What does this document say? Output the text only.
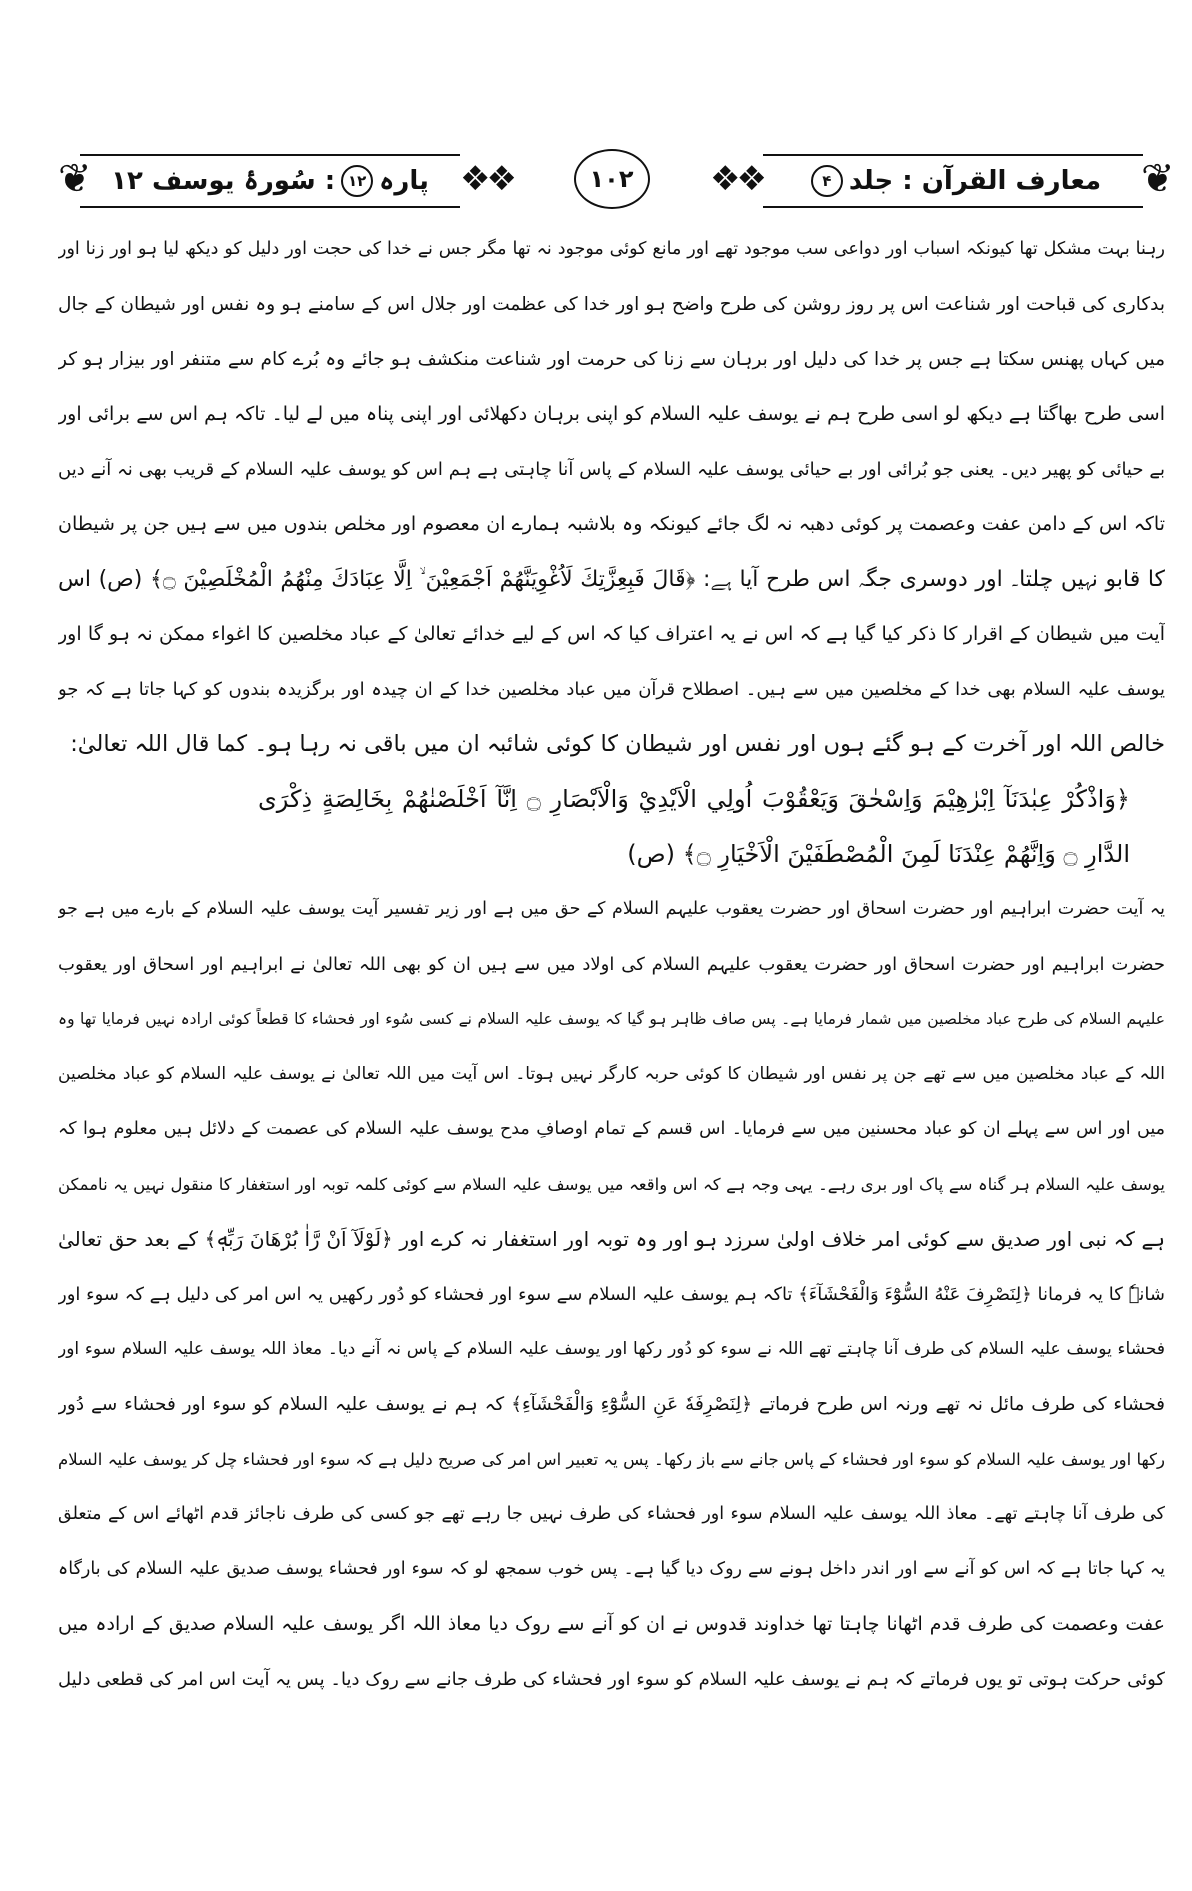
❦
معارف القرآن : جلد
۴
❖❖	۱۰۲	❖❖
پارہ
۱۲
: سُورۂ یوسف ۱۲
❦
رہنا بہت مشکل تھا کیونکہ اسباب اور دواعی سب موجود تھے اور مانع کوئی موجود نہ تھا مگر جس نے خدا کی حجت اور دلیل کو دیکھ لیا ہو اور زنا اور
بدکاری کی قباحت اور شناعت اس پر روز روشن کی طرح واضح ہو اور خدا کی عظمت اور جلال اس کے سامنے ہو وہ نفس اور شیطان کے جال
میں کہاں پھنس سکتا ہے جس پر خدا کی دلیل اور برہان سے زنا کی حرمت اور شناعت منکشف ہو جائے وہ بُرے کام سے متنفر اور بیزار ہو کر
اسی طرح بھاگتا ہے دیکھ لو اسی طرح ہم نے یوسف علیہ السلام کو اپنی برہان دکھلائی اور اپنی پناہ میں لے لیا۔ تاکہ ہم اس سے برائی اور
بے حیائی کو پھیر دیں۔ یعنی جو بُرائی اور بے حیائی یوسف علیہ السلام کے پاس آنا چاہتی ہے ہم اس کو یوسف علیہ السلام کے قریب بھی نہ آنے دیں
تاکہ اس کے دامن عفت وعصمت پر کوئی دھبہ نہ لگ جائے کیونکہ وہ بلاشبہ ہمارے ان معصوم اور مخلص بندوں میں سے ہیں جن پر شیطان
کا قابو نہیں چلتا۔ اور دوسری جگہ اس طرح آیا ہے: ﴿قَالَ فَبِعِزَّتِكَ لَاُغْوِيَنَّهُمْ اَجْمَعِيْنَ ۙ اِلَّا عِبَادَكَ مِنْهُمُ الْمُخْلَصِيْنَ ۝﴾ (ص) اس
آیت میں شیطان کے اقرار کا ذکر کیا گیا ہے کہ اس نے یہ اعتراف کیا کہ اس کے لیے خدائے تعالیٰ کے عباد مخلصین کا اغواء ممکن نہ ہو گا اور
یوسف علیہ السلام بھی خدا کے مخلصین میں سے ہیں۔ اصطلاح قرآن میں عباد مخلصین خدا کے ان چیدہ اور برگزیدہ بندوں کو کہا جاتا ہے کہ جو
خالص اللہ اور آخرت کے ہو گئے ہوں اور نفس اور شیطان کا کوئی شائبہ ان میں باقی نہ رہا ہو۔ کما قال اللہ تعالیٰ:
﴿وَاذْكُرْ عِبٰدَنَآ اِبْرٰهِيْمَ وَاِسْحٰقَ وَيَعْقُوْبَ اُولِي الْاَيْدِيْ وَالْاَبْصَارِ ۝ اِنَّآ اَخْلَصْنٰهُمْ بِخَالِصَةٍ ذِكْرَى
الدَّارِ ۝ وَاِنَّهُمْ عِنْدَنَا لَمِنَ الْمُصْطَفَيْنَ الْاَخْيَارِ ۝﴾ (ص)
یہ آیت حضرت ابراہیم اور حضرت اسحاق اور حضرت یعقوب علیہم السلام کے حق میں ہے اور زیر تفسیر آیت یوسف علیہ السلام کے بارے میں ہے جو
حضرت ابراہیم اور حضرت اسحاق اور حضرت یعقوب علیہم السلام کی اولاد میں سے ہیں ان کو بھی اللہ تعالیٰ نے ابراہیم اور اسحاق اور یعقوب
علیہم السلام کی طرح عباد مخلصین میں شمار فرمایا ہے۔ پس صاف ظاہر ہو گیا کہ یوسف علیہ السلام نے کسی سُوء اور فحشاء کا قطعاً کوئی ارادہ نہیں فرمایا تھا وہ
اللہ کے عباد مخلصین میں سے تھے جن پر نفس اور شیطان کا کوئی حربہ کارگر نہیں ہوتا۔ اس آیت میں اللہ تعالیٰ نے یوسف علیہ السلام کو عباد مخلصین
میں اور اس سے پہلے ان کو عباد محسنین میں سے فرمایا۔ اس قسم کے تمام اوصافِ مدح یوسف علیہ السلام کی عصمت کے دلائل ہیں معلوم ہوا کہ
یوسف علیہ السلام ہر گناہ سے پاک اور بری رہے۔ یہی وجہ ہے کہ اس واقعہ میں یوسف علیہ السلام سے کوئی کلمہ توبہ اور استغفار کا منقول نہیں یہ ناممکن
ہے کہ نبی اور صدیق سے کوئی امر خلاف اولیٰ سرزد ہو اور وہ توبہ اور استغفار نہ کرے اور ﴿لَوْلَآ اَنْ رَّاٰ بُرْهَانَ رَبِّهٖ﴾ کے بعد حق تعالیٰ
شانہٗ کا یہ فرمانا ﴿لِنَصْرِفَ عَنْهُ السُّوْٓءَ وَالْفَحْشَآءَ﴾ تاکہ ہم یوسف علیہ السلام سے سوء اور فحشاء کو دُور رکھیں یہ اس امر کی دلیل ہے کہ سوء اور
فحشاء یوسف علیہ السلام کی طرف آنا چاہتے تھے اللہ نے سوء کو دُور رکھا اور یوسف علیہ السلام کے پاس نہ آنے دیا۔ معاذ اللہ یوسف علیہ السلام سوء اور
فحشاء کی طرف مائل نہ تھے ورنہ اس طرح فرماتے ﴿لِنَصْرِفَهٗ عَنِ السُّوْٓءِ وَالْفَحْشَآءِ﴾ کہ ہم نے یوسف علیہ السلام کو سوء اور فحشاء سے دُور
رکھا اور یوسف علیہ السلام کو سوء اور فحشاء کے پاس جانے سے باز رکھا۔ پس یہ تعبیر اس امر کی صریح دلیل ہے کہ سوء اور فحشاء چل کر یوسف علیہ السلام
کی طرف آنا چاہتے تھے۔ معاذ اللہ یوسف علیہ السلام سوء اور فحشاء کی طرف نہیں جا رہے تھے جو کسی کی طرف ناجائز قدم اٹھائے اس کے متعلق
یہ کہا جاتا ہے کہ اس کو آنے سے اور اندر داخل ہونے سے روک دیا گیا ہے۔ پس خوب سمجھ لو کہ سوء اور فحشاء یوسف صدیق علیہ السلام کی بارگاہ
عفت وعصمت کی طرف قدم اٹھانا چاہتا تھا خداوند قدوس نے ان کو آنے سے روک دیا معاذ اللہ اگر یوسف علیہ السلام صدیق کے ارادہ میں
کوئی حرکت ہوتی تو یوں فرماتے کہ ہم نے یوسف علیہ السلام کو سوء اور فحشاء کی طرف جانے سے روک دیا۔ پس یہ آیت اس امر کی قطعی دلیل
